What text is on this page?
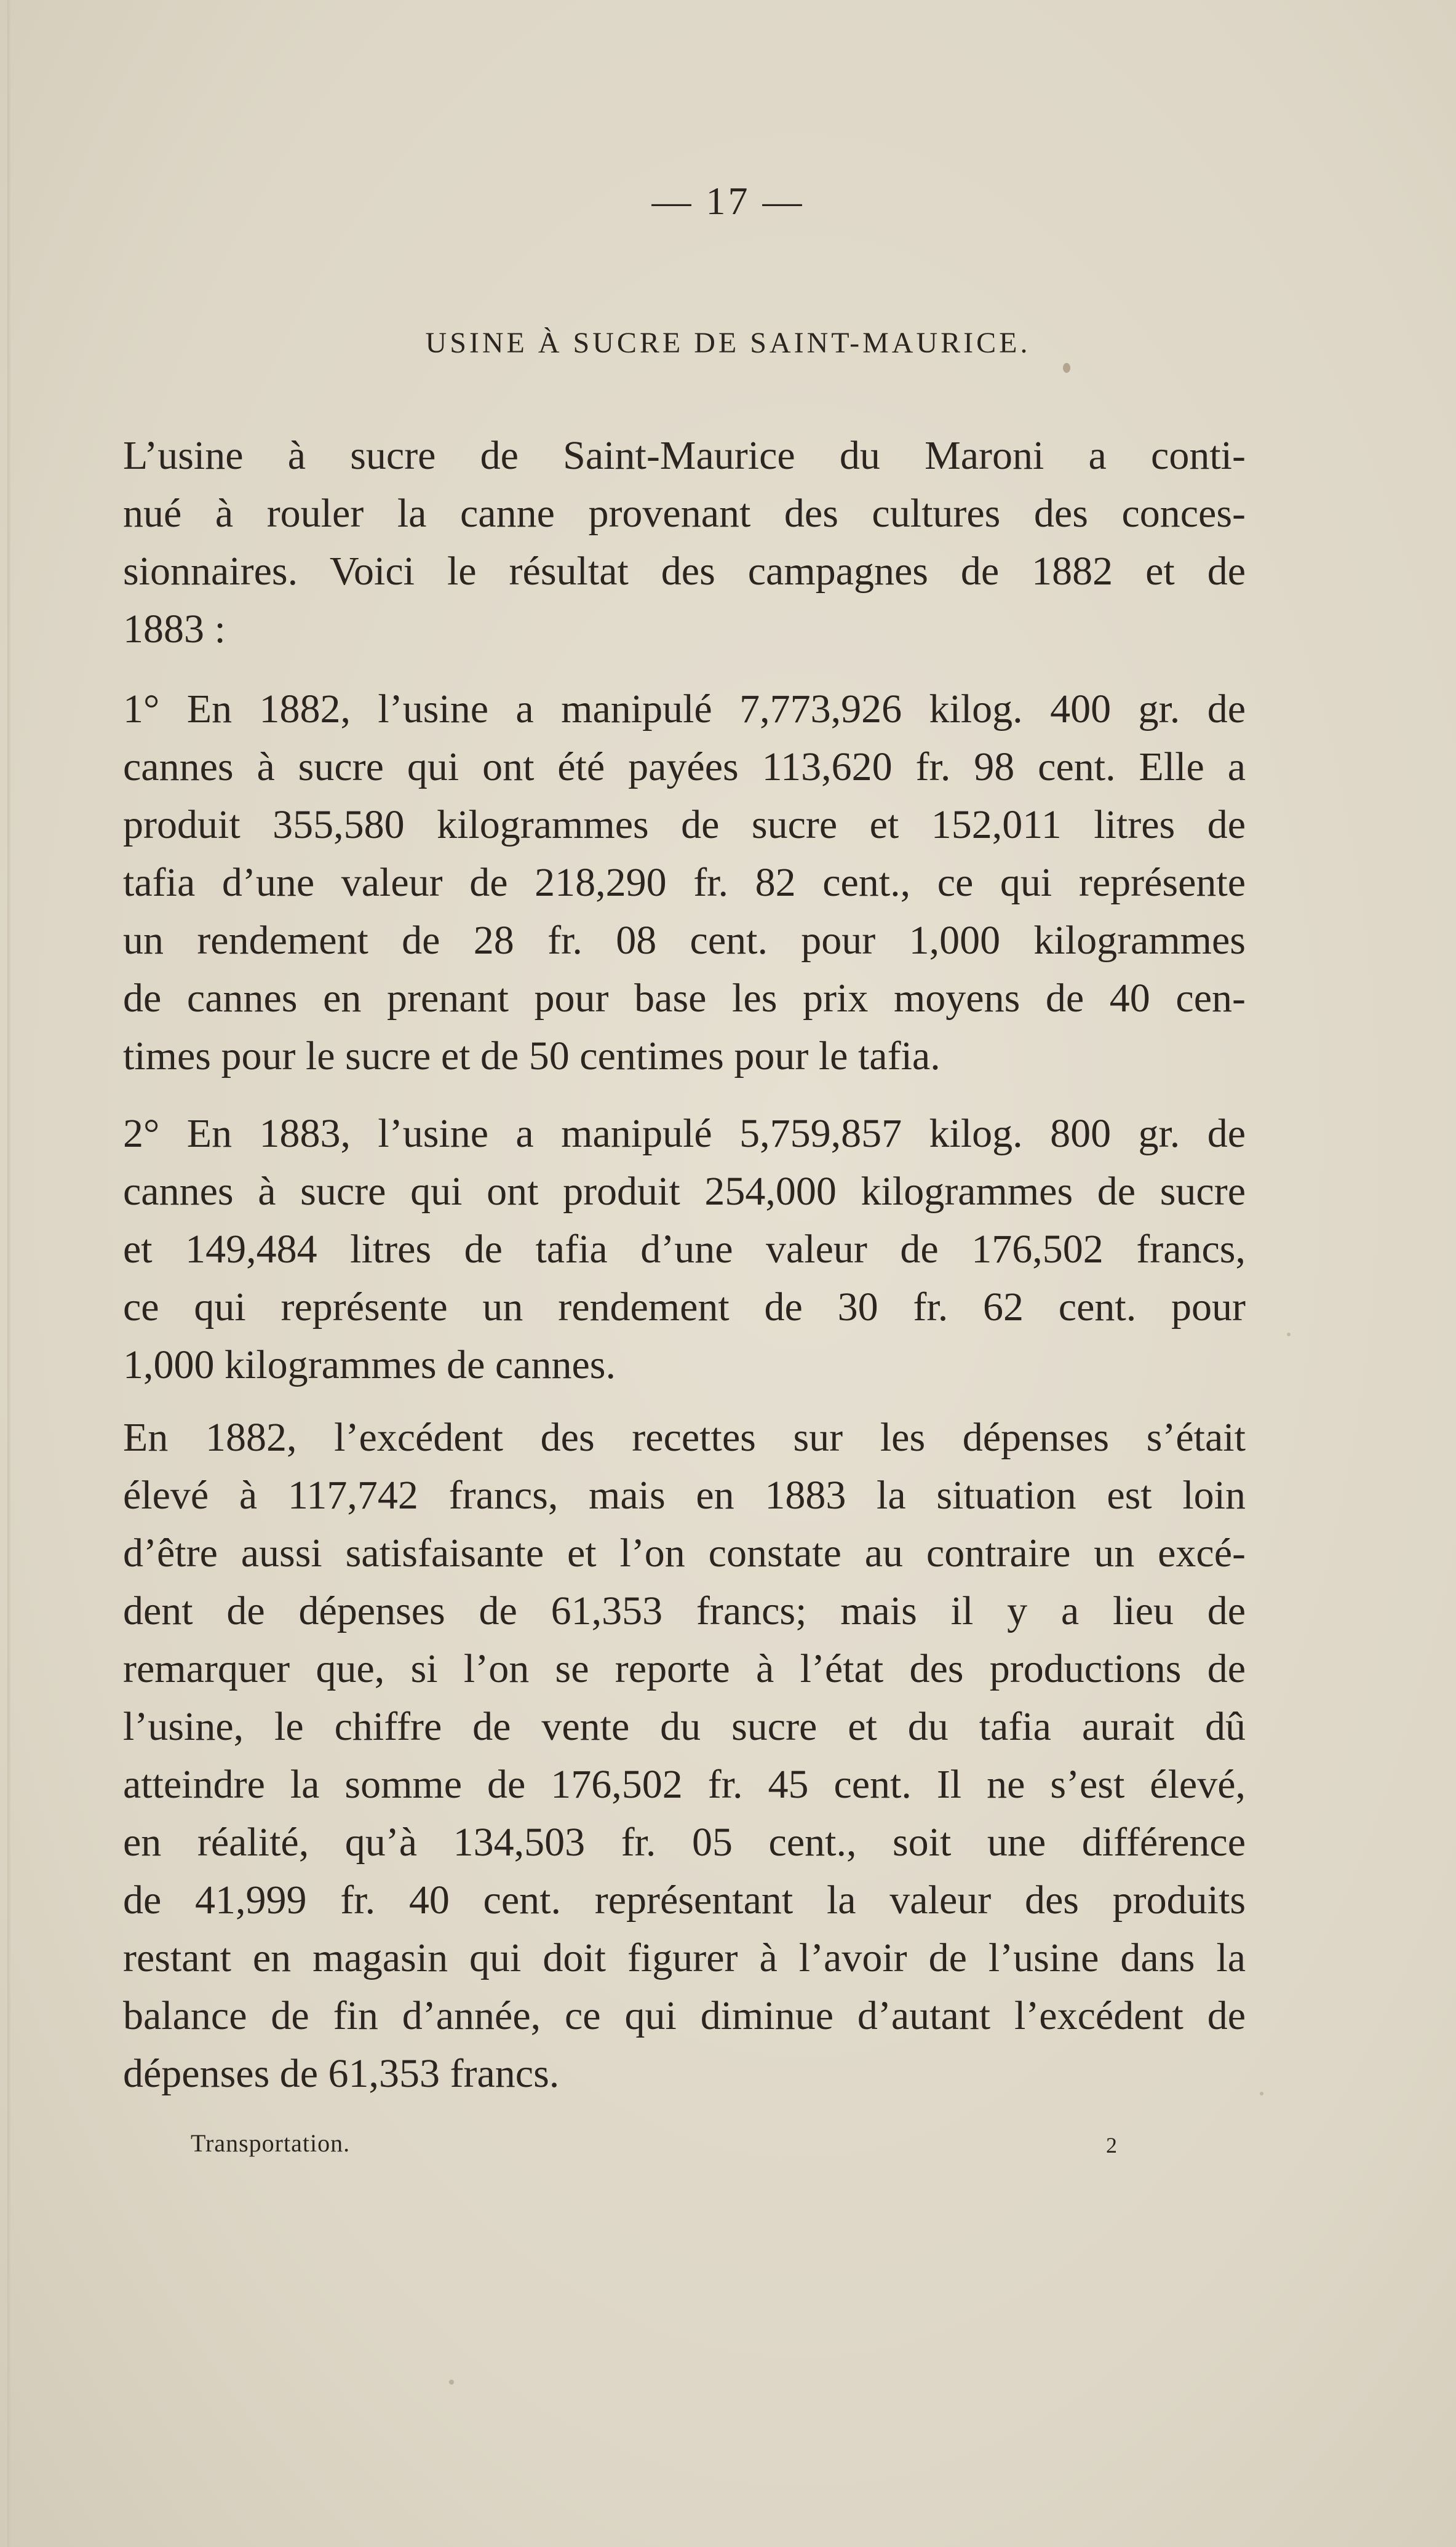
— 17 —
USINE À SUCRE DE SAINT-MAURICE.
L’usine à sucre de Saint-Maurice du Maroni a conti-
nué à rouler la canne provenant des cultures des conces-
sionnaires. Voici le résultat des campagnes de 1882 et de
1883 :
1° En 1882, l’usine a manipulé 7,773,926 kilog. 400 gr. de
cannes à sucre qui ont été payées 113,620 fr. 98 cent. Elle a
produit 355,580 kilogrammes de sucre et 152,011 litres de
tafia d’une valeur de 218,290 fr. 82 cent., ce qui représente
un rendement de 28 fr. 08 cent. pour 1,000 kilogrammes
de cannes en prenant pour base les prix moyens de 40 cen-
times pour le sucre et de 50 centimes pour le tafia.
2° En 1883, l’usine a manipulé 5,759,857 kilog. 800 gr. de
cannes à sucre qui ont produit 254,000 kilogrammes de sucre
et 149,484 litres de tafia d’une valeur de 176,502 francs,
ce qui représente un rendement de 30 fr. 62 cent. pour
1,000 kilogrammes de cannes.
En 1882, l’excédent des recettes sur les dépenses s’était
élevé à 117,742 francs, mais en 1883 la situation est loin
d’être aussi satisfaisante et l’on constate au contraire un excé-
dent de dépenses de 61,353 francs; mais il y a lieu de
remarquer que, si l’on se reporte à l’état des productions de
l’usine, le chiffre de vente du sucre et du tafia aurait dû
atteindre la somme de 176,502 fr. 45 cent. Il ne s’est élevé,
en réalité, qu’à 134,503 fr. 05 cent., soit une différence
de 41,999 fr. 40 cent. représentant la valeur des produits
restant en magasin qui doit figurer à l’avoir de l’usine dans la
balance de fin d’année, ce qui diminue d’autant l’excédent de
dépenses de 61,353 francs.
Transportation.	2
